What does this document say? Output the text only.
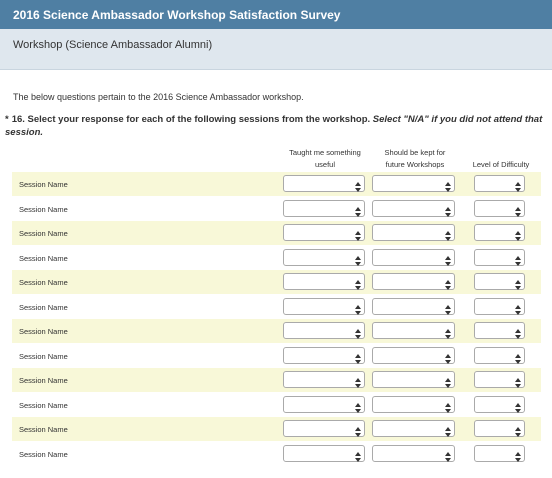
2016 Science Ambassador Workshop Satisfaction Survey
Workshop (Science Ambassador Alumni)
The below questions pertain to the 2016 Science Ambassador workshop.
* 16. Select your response for each of the following sessions from the workshop. Select "N/A" if you did not attend that session.
Taught me something
useful
Should be kept for
future Workshops	Level of Difficulty
Session Name
Session Name
Session Name
Session Name
Session Name
Session Name
Session Name
Session Name
Session Name
Session Name
Session Name
Session Name
